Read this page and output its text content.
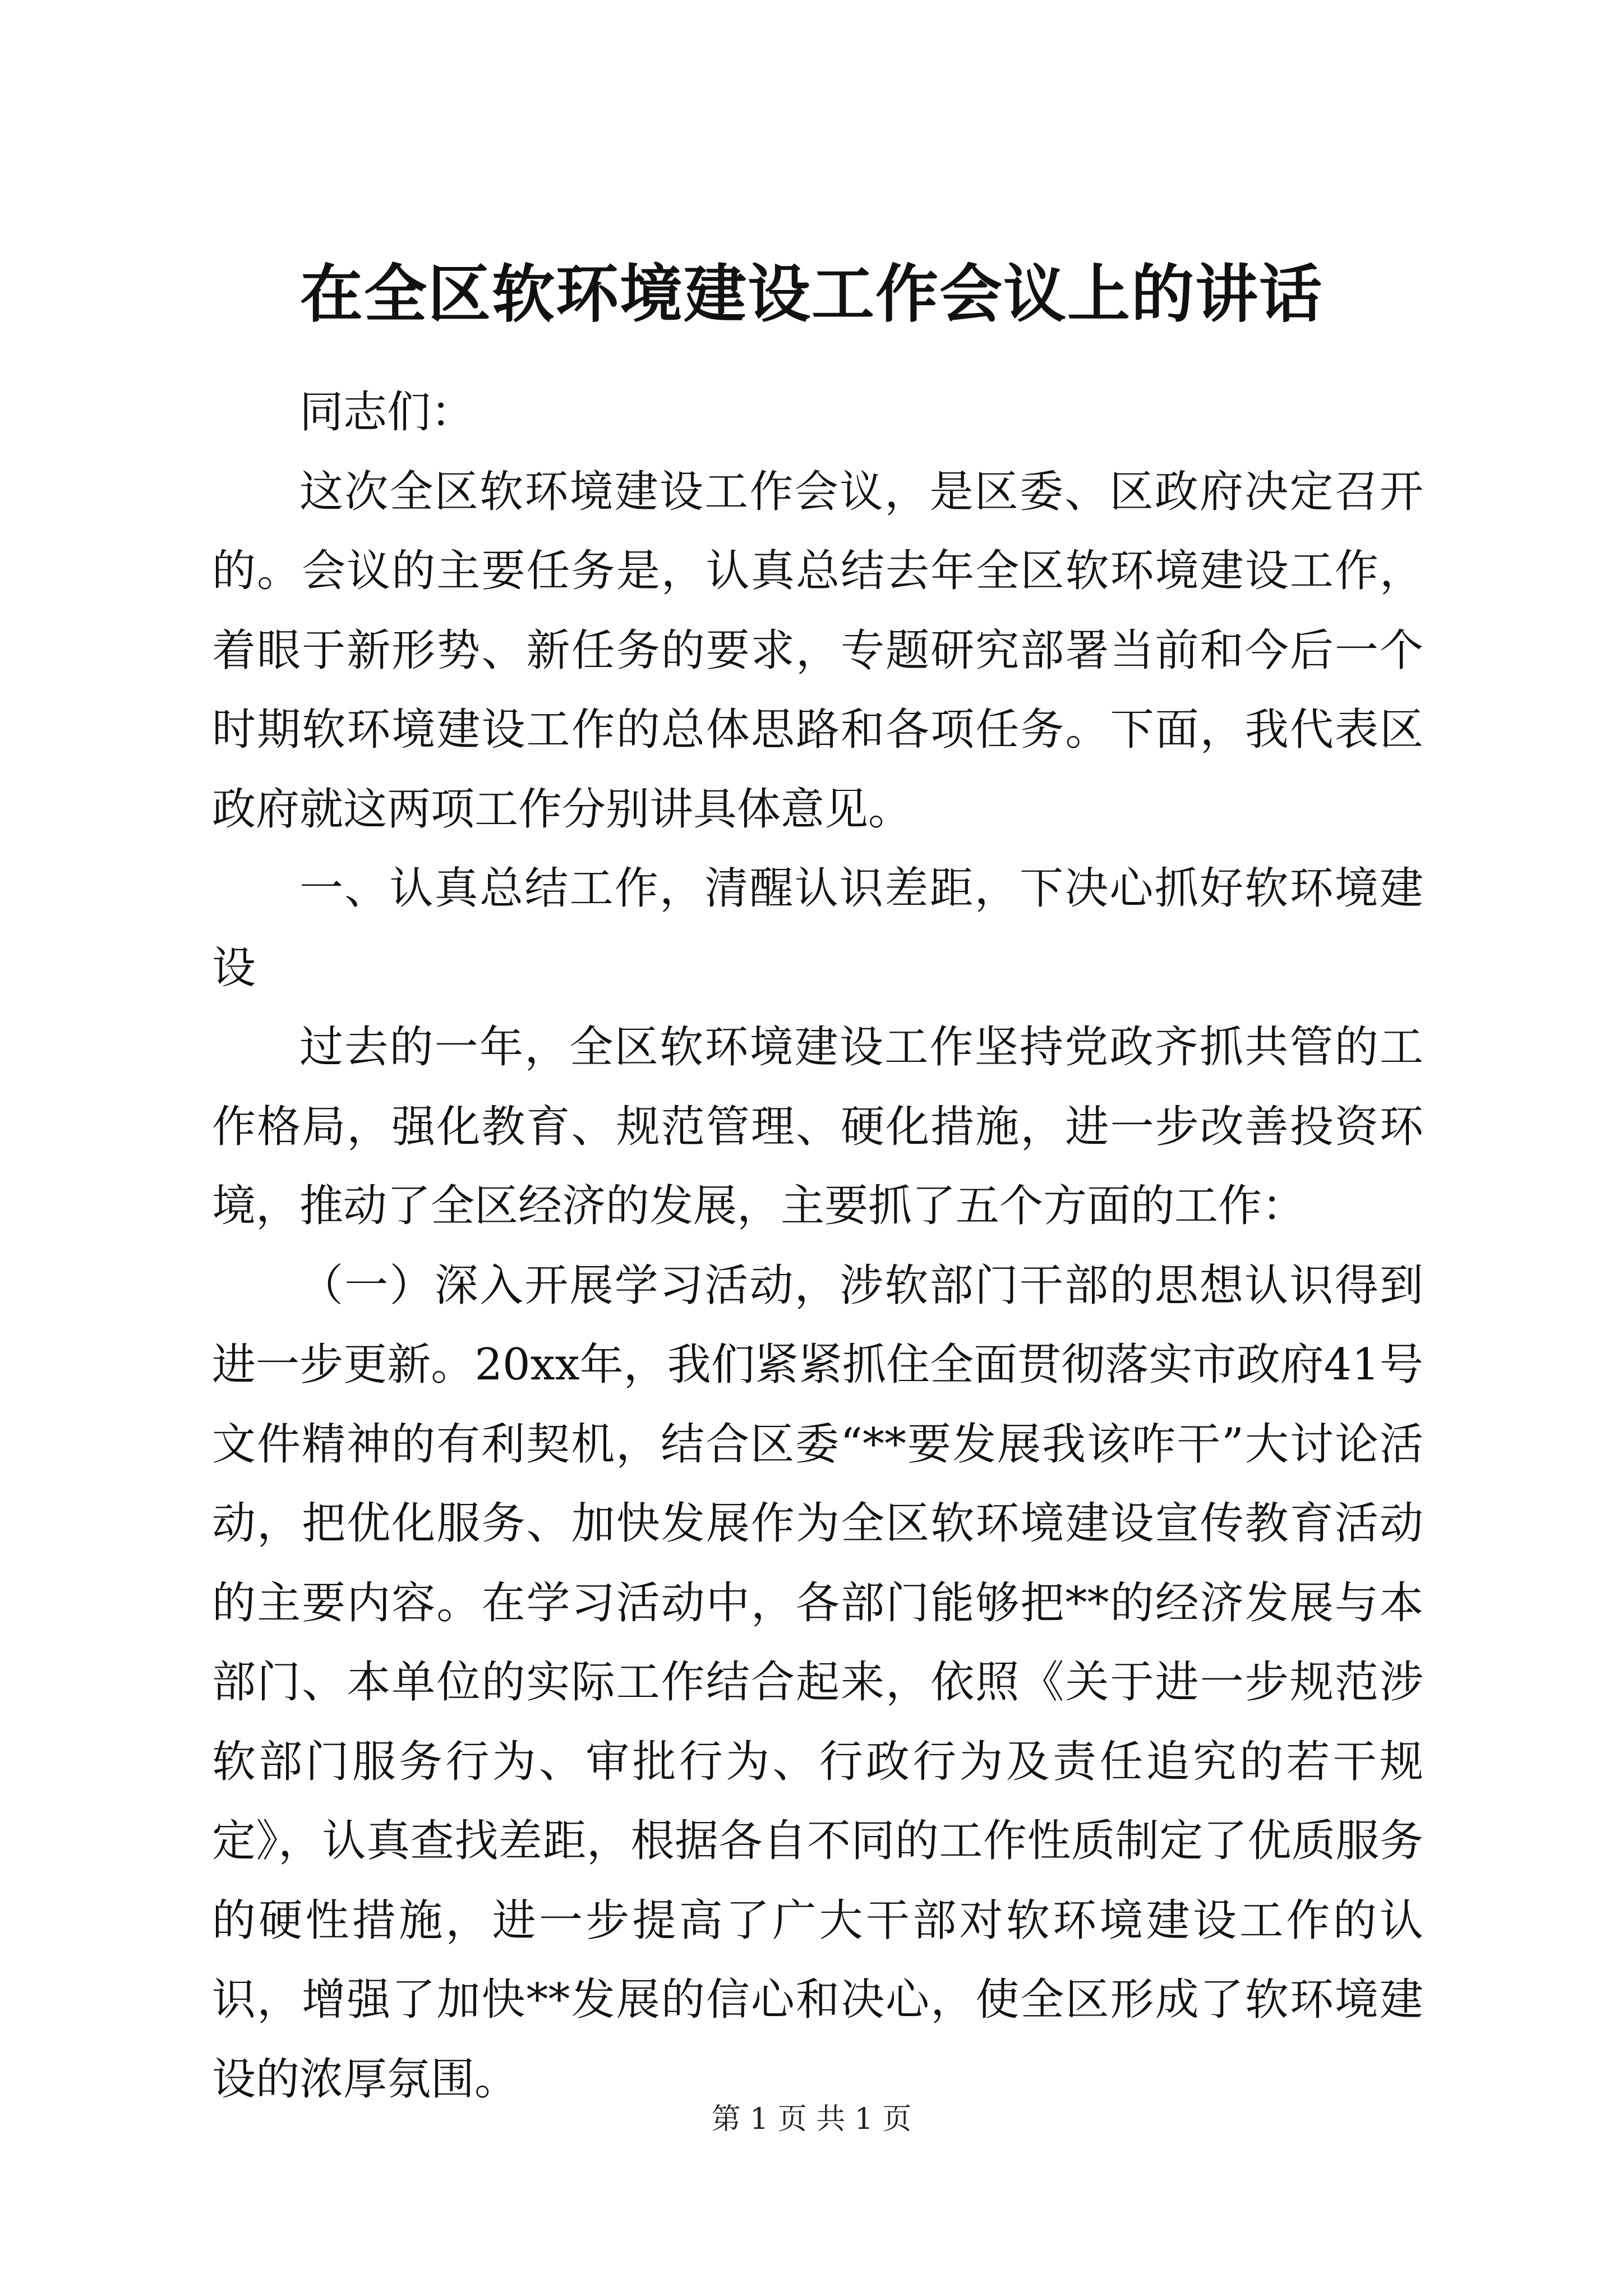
在全区软环境建设工作会议上的讲话

同志们：

这次全区软环境建设工作会议，是区委、区政府决定召开的。会议的主要任务是，认真总结去年全区软环境建设工作，着眼于新形势、新任务的要求，专题研究部署当前和今后一个时期软环境建设工作的总体思路和各项任务。下面，我代表区政府就这两项工作分别讲具体意见。

一、认真总结工作，清醒认识差距，下决心抓好软环境建设

过去的一年，全区软环境建设工作坚持党政齐抓共管的工作格局，强化教育、规范管理、硬化措施，进一步改善投资环境，推动了全区经济的发展，主要抓了五个方面的工作：

（一）深入开展学习活动，涉软部门干部的思想认识得到进一步更新。20xx年，我们紧紧抓住全面贯彻落实市政府41号文件精神的有利契机，结合区委“**要发展我该咋干”大讨论活动，把优化服务、加快发展作为全区软环境建设宣传教育活动的主要内容。在学习活动中，各部门能够把**的经济发展与本部门、本单位的实际工作结合起来，依照《关于进一步规范涉软部门服务行为、审批行为、行政行为及责任追究的若干规定》，认真查找差距，根据各自不同的工作性质制定了优质服务的硬性措施，进一步提高了广大干部对软环境建设工作的认识，增强了加快**发展的信心和决心，使全区形成了软环境建设的浓厚氛围。

第 1 页 共 1 页
